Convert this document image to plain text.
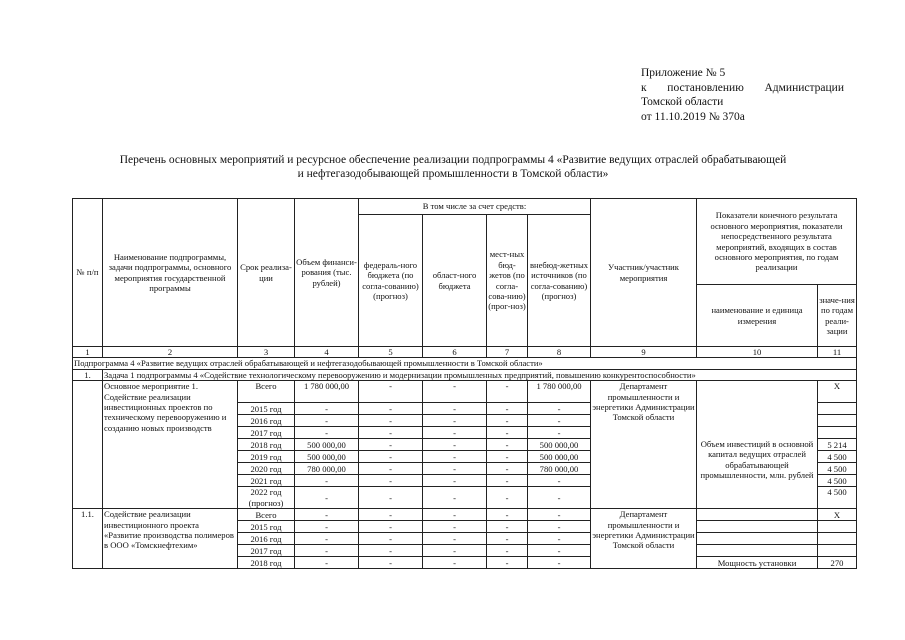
Приложение № 5
к постановлению Администрации
Томской области
от 11.10.2019 № 370а
Перечень основных мероприятий и ресурсное обеспечение реализации подпрограммы 4 «Развитие ведущих отраслей обрабатывающей
и нефтегазодобывающей промышленности в Томской области»
№ п/п	Наименование подпрограммы, задачи подпрограммы, основного мероприятия государственной программы	Срок реализа-ции	Объем финанси-рования (тыс. рублей)	В том числе за счет средств:				Участник/участник мероприятия	Показатели конечного результата основного мероприятия, показатели непосредственного результата мероприятий, входящих в состав основного мероприятия, по годам реализации	
				федераль-ного бюджета (по согла-сованию) (прогноз)	област-ного бюджета	мест-ных бюд-жетов (по согла-сова-нию) (прог-ноз)	внебюд-жетных источников (по согла-сованию) (прогноз)			
									наименование и единица измерения	значе-ния по годам реали-зации
1	2	3	4	5	6	7	8	9	10	11
Подпрограмма 4 «Развитие ведущих отраслей обрабатывающей и нефтегазодобывающей промышленности в Томской области»										
1.	Задача 1 подпрограммы 4 «Содействие технологическому перевооружению и модернизации промышленных предприятий, повышению конкурентоспособности»									
	Основное мероприятие 1. Содействие реализации инвестиционных проектов по техническому перевооружению и созданию новых производств	Всего	1 780 000,00	-	-	-	1 780 000,00	Департамент промышленности и энергетики Администрации Томской области		Х
		2015 год	-	-	-	-	-			
		2016 год	-	-	-	-	-			
		2017 год	-	-	-	-	-			
		2018 год	500 000,00	-	-	-	500 000,00		Объем инвестиций в основной капитал ведущих отраслей обрабатывающей промышленности, млн. рублей	5 214
		2019 год	500 000,00	-	-	-	500 000,00			4 500
		2020 год	780 000,00	-	-	-	780 000,00			4 500
		2021 год	-	-	-	-	-			4 500
		2022 год (прогноз)	-	-	-	-	-			4 500
1.1.	Содействие реализации инвестиционного проекта «Развитие производства полимеров в ООО «Томскнефтехим»	Всего	-	-	-	-	-	Департамент промышленности и энергетики Администрации Томской области		Х
		2015 год	-	-	-	-	-			
		2016 год	-	-	-	-	-			
		2017 год	-	-	-	-	-			
		2018 год	-	-	-	-	-		Мощность установки	270
